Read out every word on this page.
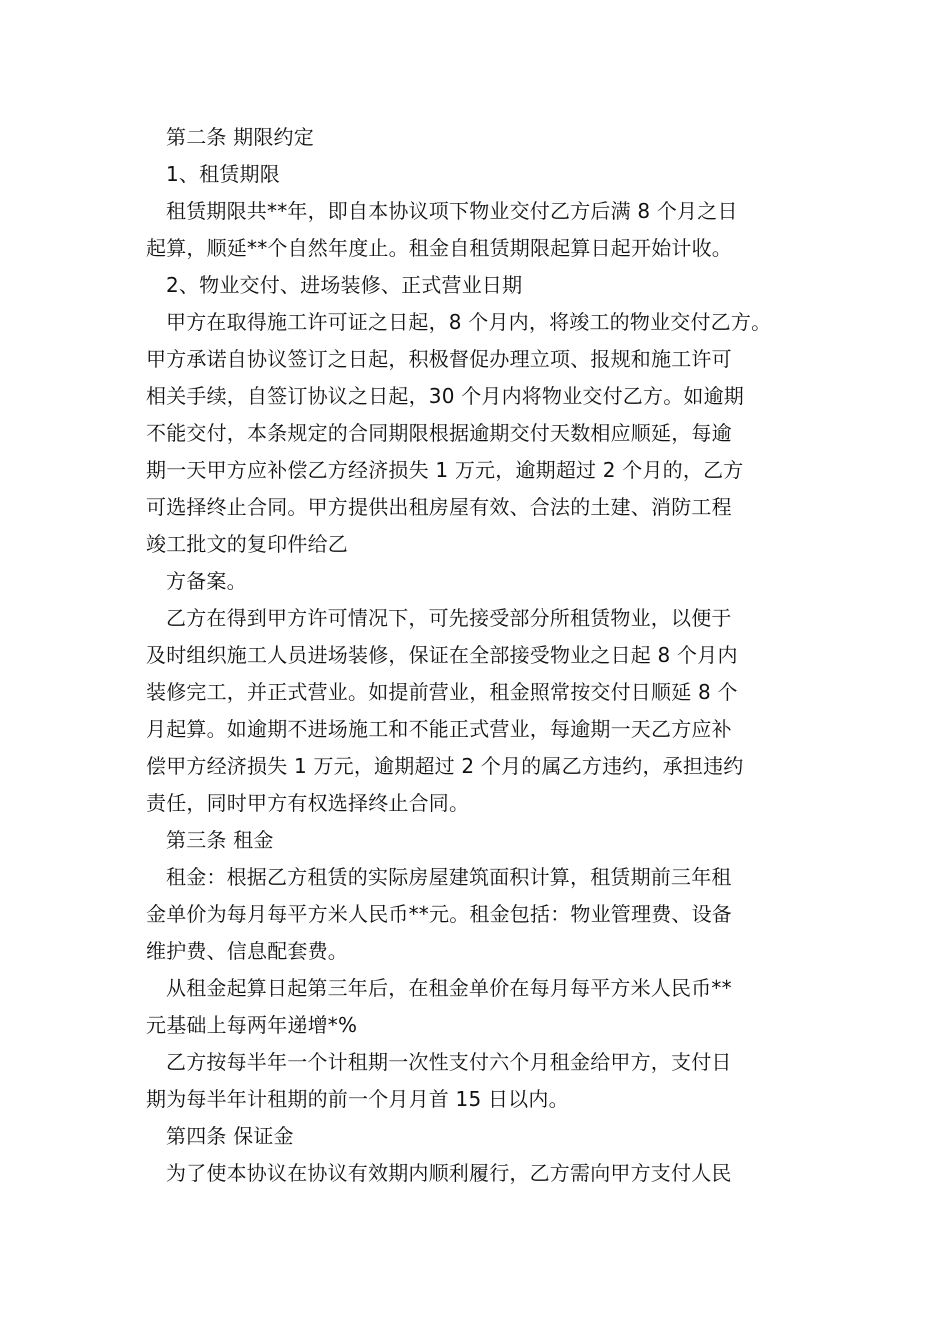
第二条 期限约定
1、租赁期限
租赁期限共**年，即自本协议项下物业交付乙方后满 8 个月之日
起算，顺延**个自然年度止。租金自租赁期限起算日起开始计收。
2、物业交付、进场装修、正式营业日期
甲方在取得施工许可证之日起，8 个月内，将竣工的物业交付乙方。
甲方承诺自协议签订之日起，积极督促办理立项、报规和施工许可
相关手续，自签订协议之日起，30 个月内将物业交付乙方。如逾期
不能交付，本条规定的合同期限根据逾期交付天数相应顺延，每逾
期一天甲方应补偿乙方经济损失 1 万元，逾期超过 2 个月的，乙方
可选择终止合同。甲方提供出租房屋有效、合法的土建、消防工程
竣工批文的复印件给乙
方备案。
乙方在得到甲方许可情况下，可先接受部分所租赁物业，以便于
及时组织施工人员进场装修，保证在全部接受物业之日起 8 个月内
装修完工，并正式营业。如提前营业，租金照常按交付日顺延 8 个
月起算。如逾期不进场施工和不能正式营业，每逾期一天乙方应补
偿甲方经济损失 1 万元，逾期超过 2 个月的属乙方违约，承担违约
责任，同时甲方有权选择终止合同。
第三条 租金
租金：根据乙方租赁的实际房屋建筑面积计算，租赁期前三年租
金单价为每月每平方米人民币**元。租金包括：物业管理费、设备
维护费、信息配套费。
从租金起算日起第三年后，在租金单价在每月每平方米人民币**
元基础上每两年递增*%
乙方按每半年一个计租期一次性支付六个月租金给甲方，支付日
期为每半年计租期的前一个月月首 15 日以内。
第四条 保证金
为了使本协议在协议有效期内顺利履行，乙方需向甲方支付人民
